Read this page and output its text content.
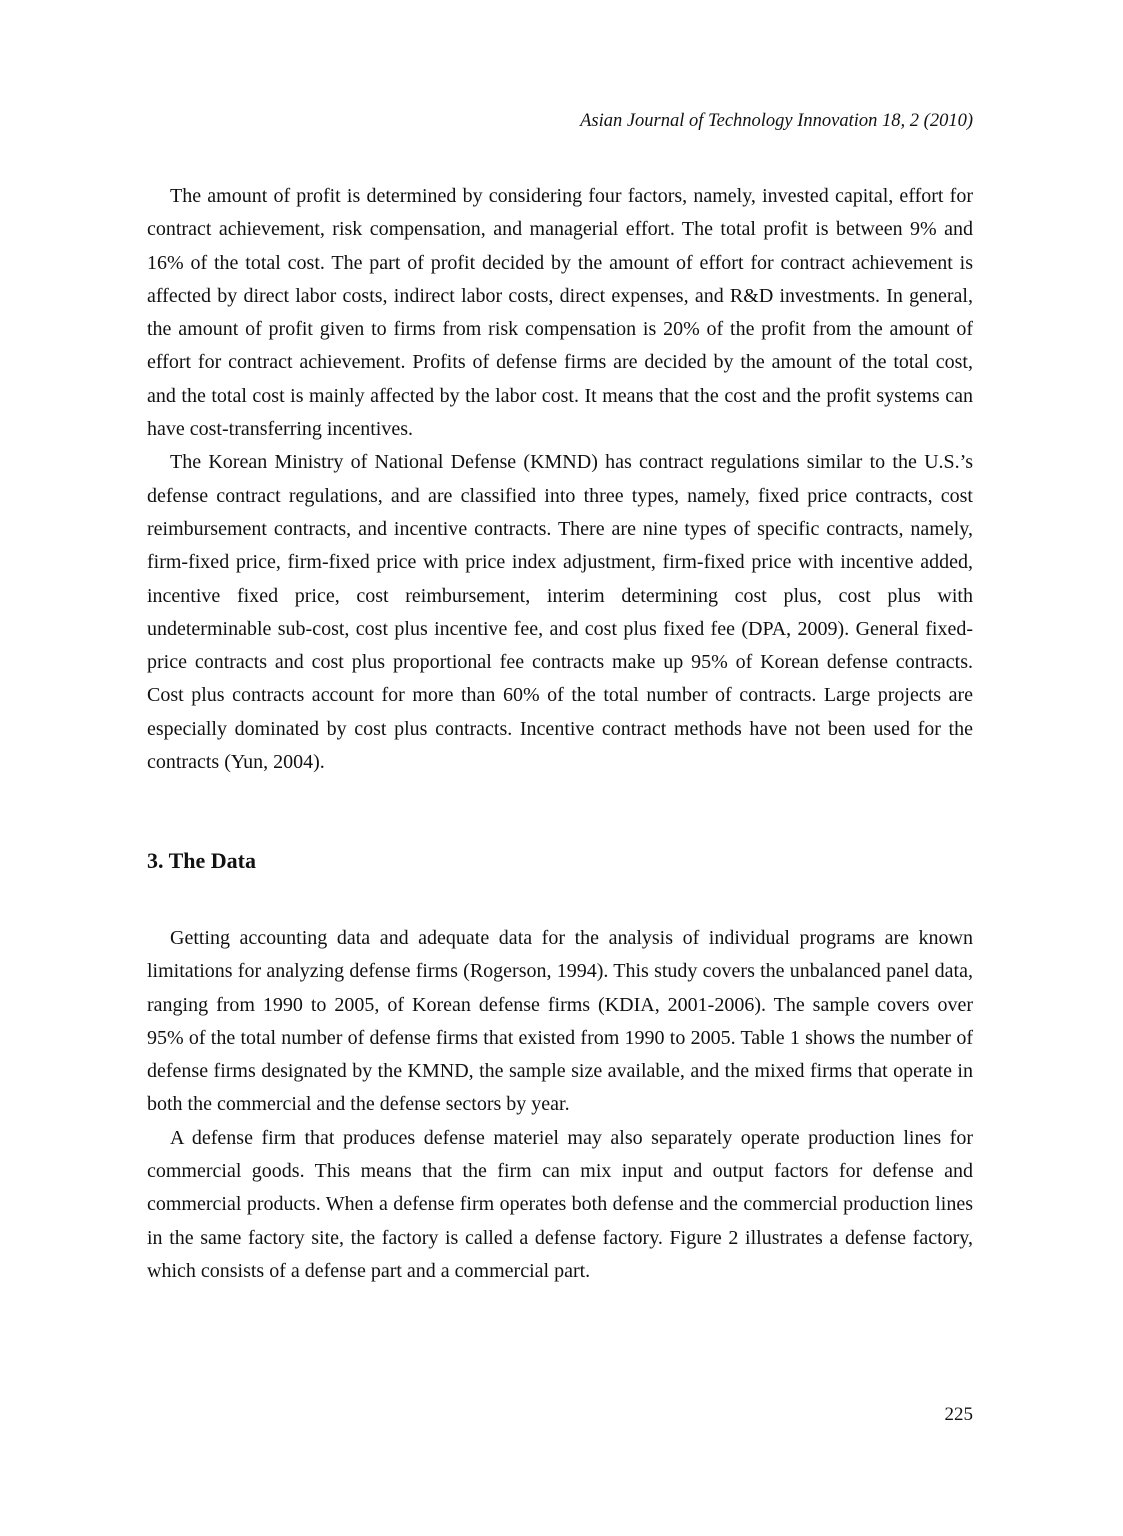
Asian Journal of Technology Innovation 18, 2 (2010)

The amount of profit is determined by considering four factors, namely, invested capital, effort for contract achievement, risk compensation, and managerial effort. The total profit is between 9% and 16% of the total cost. The part of profit decided by the amount of effort for contract achievement is affected by direct labor costs, indirect labor costs, direct expenses, and R&D investments. In general, the amount of profit given to firms from risk compensation is 20% of the profit from the amount of effort for contract achievement. Profits of defense firms are decided by the amount of the total cost, and the total cost is mainly affected by the labor cost. It means that the cost and the profit systems can have cost-transferring incentives.

The Korean Ministry of National Defense (KMND) has contract regulations similar to the U.S.’s defense contract regulations, and are classified into three types, namely, fixed price contracts, cost reimbursement contracts, and incentive contracts. There are nine types of specific contracts, namely, firm-fixed price, firm-fixed price with price index adjustment, firm-fixed price with incentive added, incentive fixed price, cost reimbursement, interim determining cost plus, cost plus with undeterminable sub-cost, cost plus incentive fee, and cost plus fixed fee (DPA, 2009). General fixed-price contracts and cost plus proportional fee contracts make up 95% of Korean defense contracts. Cost plus contracts account for more than 60% of the total number of contracts. Large projects are especially dominated by cost plus contracts. Incentive contract methods have not been used for the contracts (Yun, 2004).

3. The Data

Getting accounting data and adequate data for the analysis of individual programs are known limitations for analyzing defense firms (Rogerson, 1994). This study covers the unbalanced panel data, ranging from 1990 to 2005, of Korean defense firms (KDIA, 2001-2006). The sample covers over 95% of the total number of defense firms that existed from 1990 to 2005. Table 1 shows the number of defense firms designated by the KMND, the sample size available, and the mixed firms that operate in both the commercial and the defense sectors by year.

A defense firm that produces defense materiel may also separately operate production lines for commercial goods. This means that the firm can mix input and output factors for defense and commercial products. When a defense firm operates both defense and the commercial production lines in the same factory site, the factory is called a defense factory. Figure 2 illustrates a defense factory, which consists of a defense part and a commercial part.

225
